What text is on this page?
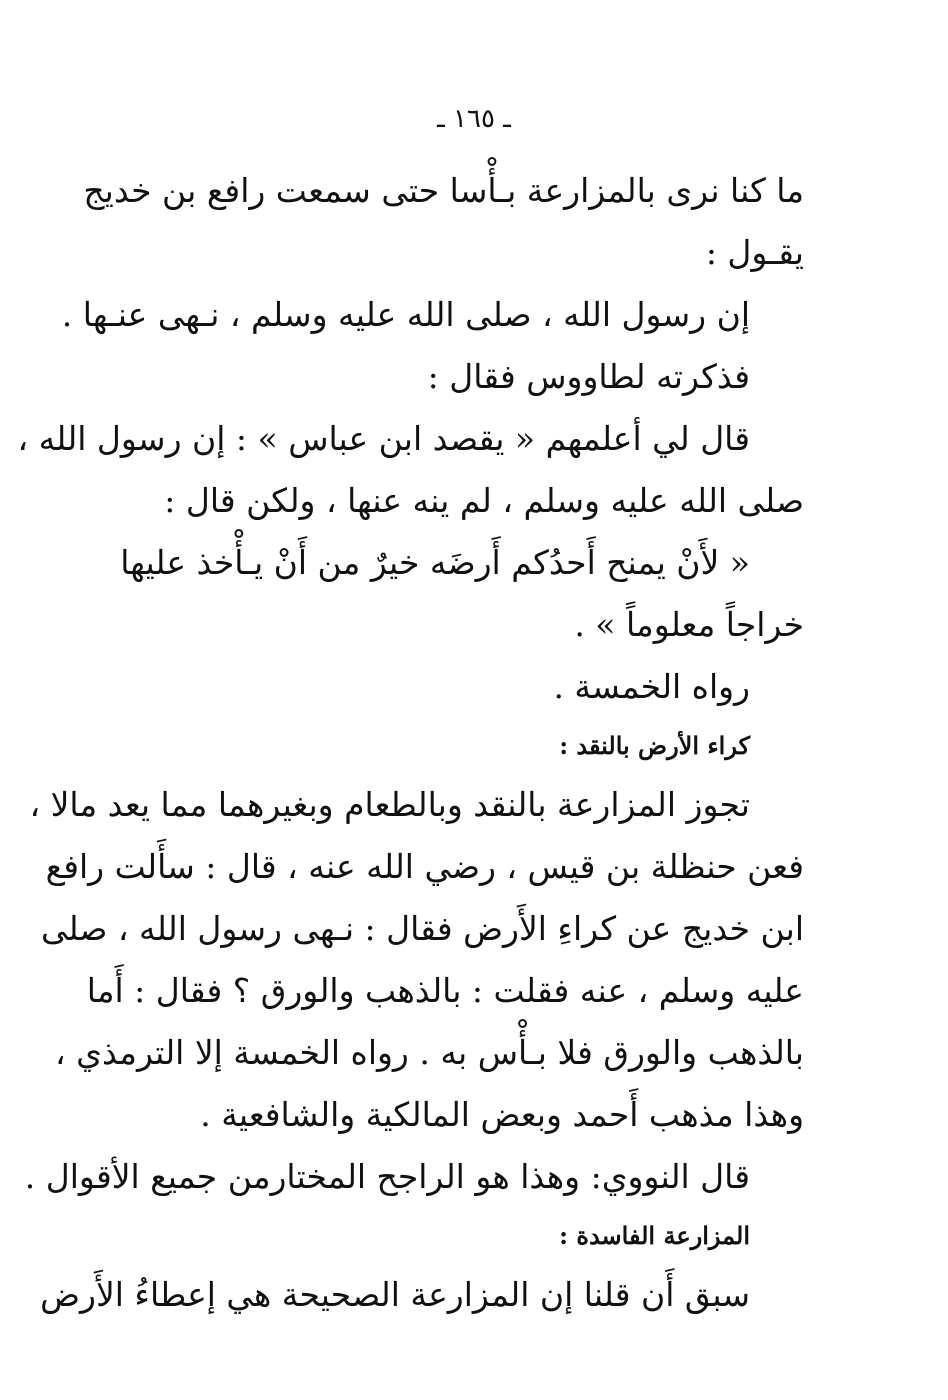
ـ ١٦٥ ـ
ما كنا نرى بالمزارعة بـأْسا حتى سمعت رافع بن خديج
يقـول :
إن رسول الله ، صلى الله عليه وسلم ، نـهى عنـها .
فذكرته لطاووس فقال :
قال لي أعلمهم « يقصد ابن عباس » : إن رسول الله ،
صلى الله عليه وسلم ، لم ينه عنها ، ولكن قال :
« لأَنْ يمنح أَحدُكم أَرضَه خيرٌ من أَنْ يـأْخذ عليها
خراجاً معلوماً » .
رواه الخمسة .
كراء الأرض بالنقد :
تجوز المزارعة بالنقد وبالطعام وبغيرهما مما يعد مالا ،
فعن حنظلة بن قيس ، رضي الله عنه ، قال : سأَلت رافع
ابن خديج عن كراءِ الأَرض فقال : نـهى رسول الله ، صلى
عليه وسلم ، عنه فقلت : بالذهب والورق ؟ فقال : أَما
بالذهب والورق فلا بـأْس به . رواه الخمسة إلا الترمذي ،
وهذا مذهب أَحمد وبعض المالكية والشافعية .
قال النووي: وهذا هو الراجح المختارمن جميع الأقوال .
المزارعة الفاسدة :
سبق أَن قلنا إن المزارعة الصحيحة هي إعطاءُ الأَرض
